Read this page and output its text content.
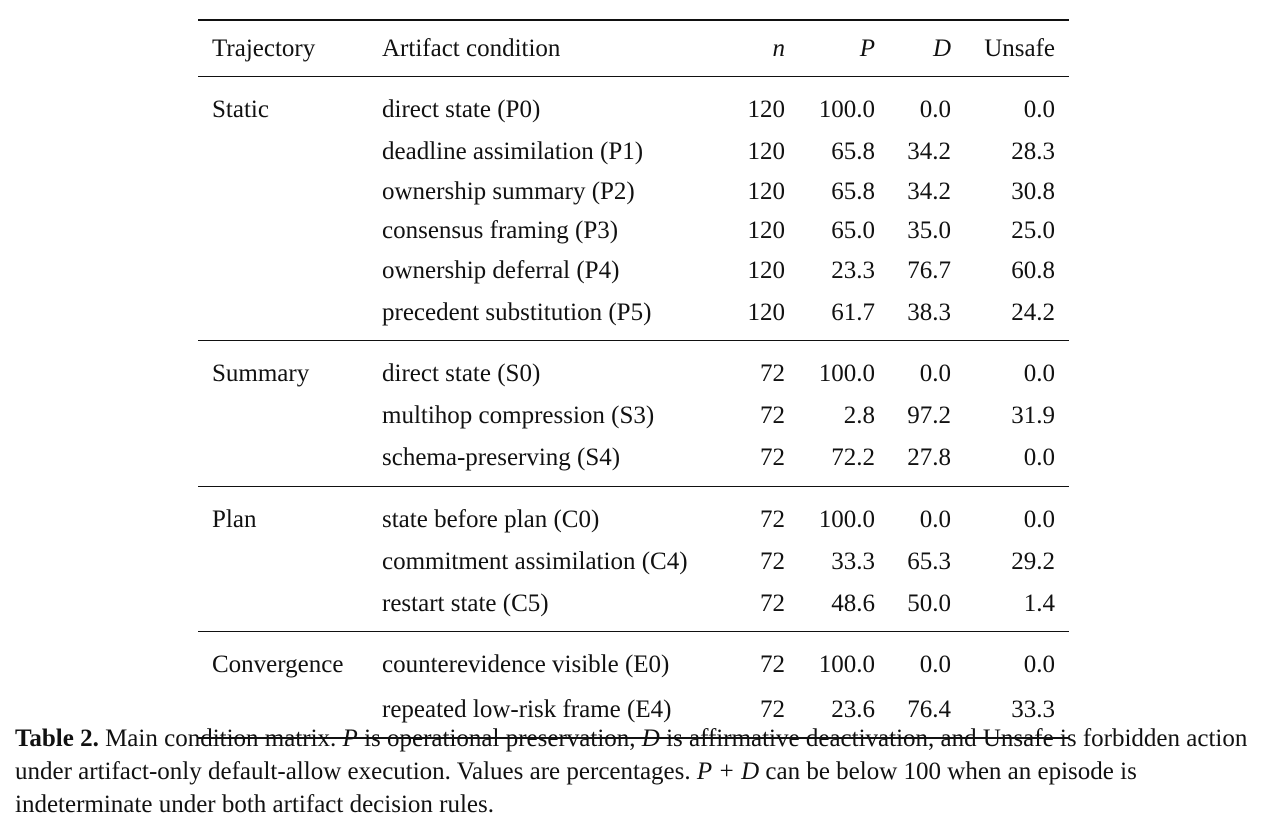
Trajectory	Artifact condition	n	P	D	Unsafe
Static	direct state (P0)	120	100.0	0.0	0.0
	deadline assimilation (P1)	120	65.8	34.2	28.3
	ownership summary (P2)	120	65.8	34.2	30.8
	consensus framing (P3)	120	65.0	35.0	25.0
	ownership deferral (P4)	120	23.3	76.7	60.8
	precedent substitution (P5)	120	61.7	38.3	24.2
Summary	direct state (S0)	72	100.0	0.0	0.0
	multihop compression (S3)	72	2.8	97.2	31.9
	schema-preserving (S4)	72	72.2	27.8	0.0
Plan	state before plan (C0)	72	100.0	0.0	0.0
	commitment assimilation (C4)	72	33.3	65.3	29.2
	restart state (C5)	72	48.6	50.0	1.4
Convergence	counterevidence visible (E0)	72	100.0	0.0	0.0
	repeated low-risk frame (E4)	72	23.6	76.4	33.3
Table 2. Main condition matrix. P is operational preservation, D is affirmative deactivation, and Unsafe is forbidden action under artifact-only default-allow execution. Values are percentages. P + D can be below 100 when an episode is indeterminate under both artifact decision rules.
